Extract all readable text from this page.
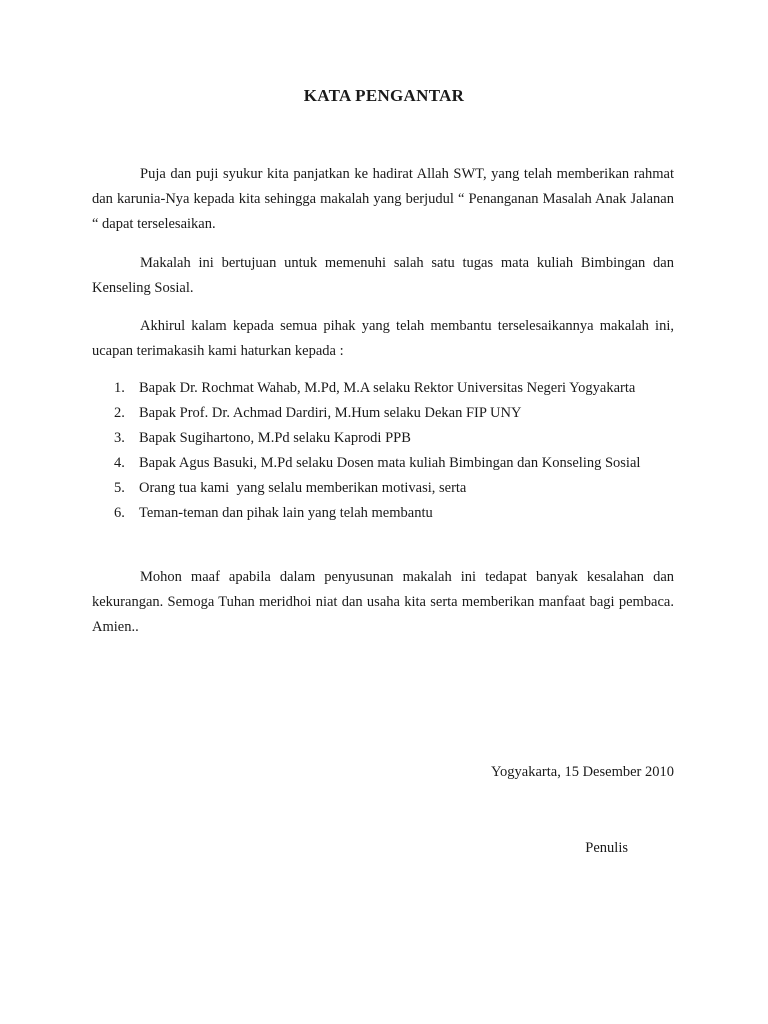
KATA PENGANTAR

Puja dan puji syukur kita panjatkan ke hadirat Allah SWT, yang telah memberikan rahmat dan karunia-Nya kepada kita sehingga makalah yang berjudul “ Penanganan Masalah Anak Jalanan “ dapat terselesaikan.

Makalah ini bertujuan untuk memenuhi salah satu tugas mata kuliah Bimbingan dan Kenseling Sosial.

Akhirul kalam kepada semua pihak yang telah membantu terselesaikannya makalah ini, ucapan terimakasih kami haturkan kepada :

1. Bapak Dr. Rochmat Wahab, M.Pd, M.A selaku Rektor Universitas Negeri Yogyakarta
2. Bapak Prof. Dr. Achmad Dardiri, M.Hum selaku Dekan FIP UNY
3. Bapak Sugihartono, M.Pd selaku Kaprodi PPB
4. Bapak Agus Basuki, M.Pd selaku Dosen mata kuliah Bimbingan dan Konseling Sosial
5. Orang tua kami  yang selalu memberikan motivasi, serta
6. Teman-teman dan pihak lain yang telah membantu

Mohon maaf apabila dalam penyusunan makalah ini tedapat banyak kesalahan dan kekurangan. Semoga Tuhan meridhoi niat dan usaha kita serta memberikan manfaat bagi pembaca. Amien..

Yogyakarta, 15 Desember 2010

Penulis
